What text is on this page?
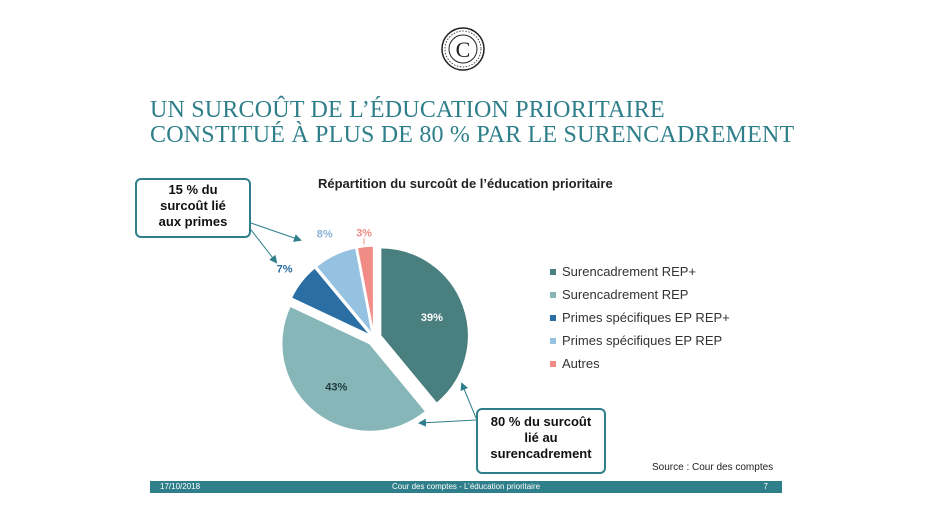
C
UN SURCOÛT DE L’ÉDUCATION PRIORITAIRE
CONSTITUÉ À PLUS DE 80 % PAR LE SURENCADREMENT
Répartition du surcoût de l’éducation prioritaire
39%
43%
7%
8% 3%
Surencadrement REP+
Surencadrement REP
Primes spécifiques EP REP+
Primes spécifiques EP REP
Autres
15 % du
surcoût lié
aux primes
80 % du surcoût
lié au
surencadrement
Source : Cour des comptes
17/10/2018	Cour des comptes - L’éducation prioritaire	7
